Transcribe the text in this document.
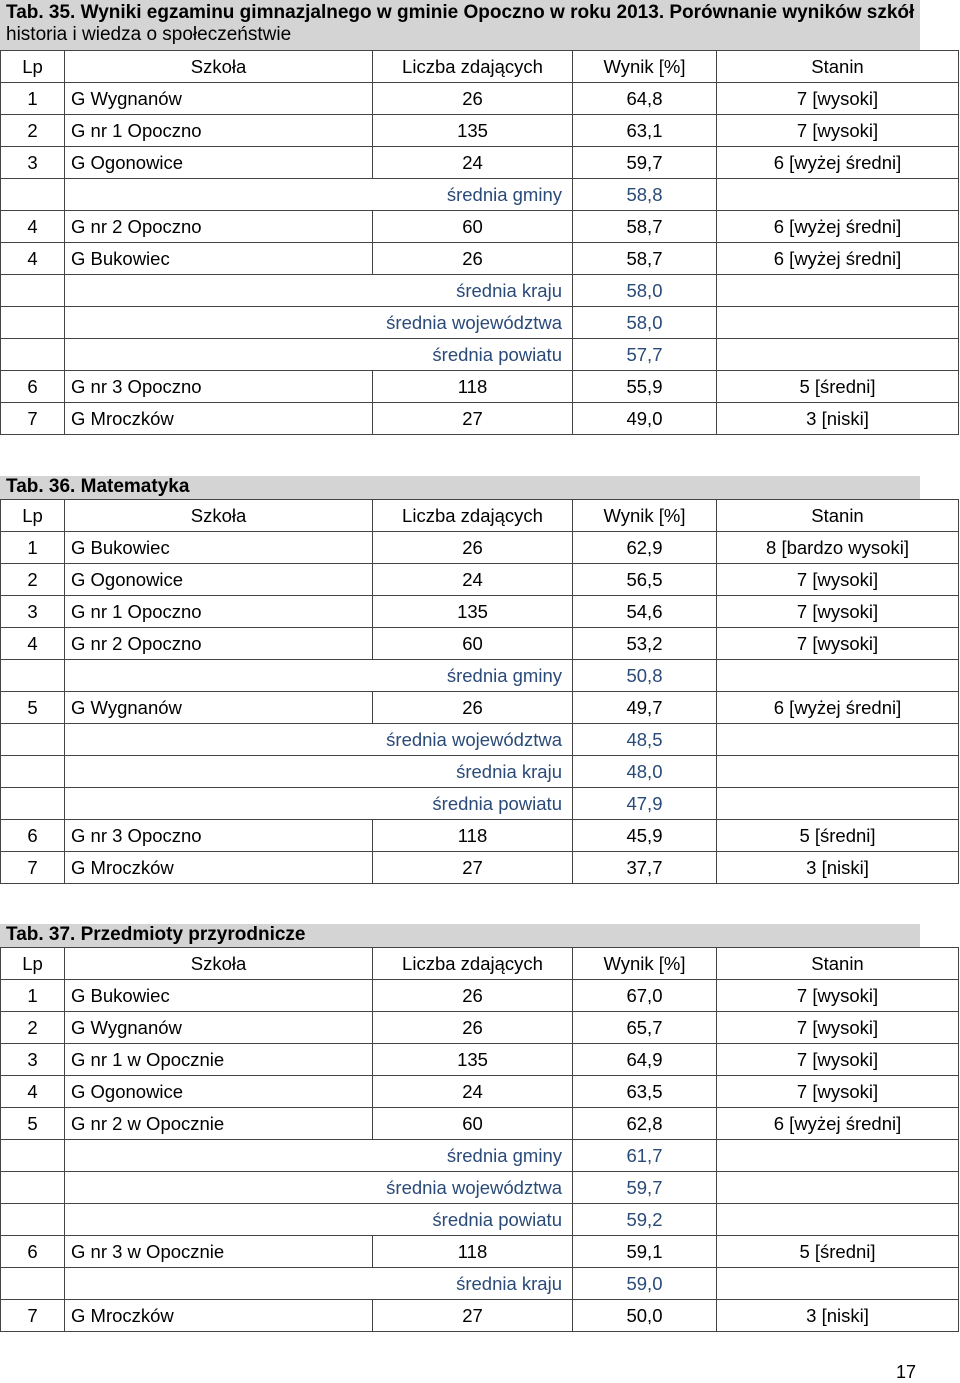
Tab. 35. Wyniki egzaminu gimnazjalnego w gminie Opoczno w roku 2013. Porównanie wyników szkół
historia i wiedza o społeczeństwie
Lp	Szkoła	Liczba zdających	Wynik [%]	Stanin
1	G Wygnanów	26	64,8	7 [wysoki]
2	G nr 1 Opoczno	135	63,1	7 [wysoki]
3	G Ogonowice	24	59,7	6 [wyżej średni]
	średnia gminy		58,8	
4	G nr 2 Opoczno	60	58,7	6 [wyżej średni]
4	G Bukowiec	26	58,7	6 [wyżej średni]
	średnia kraju		58,0	
	średnia województwa		58,0	
	średnia powiatu		57,7	
6	G nr 3 Opoczno	118	55,9	5 [średni]
7	G Mroczków	27	49,0	3 [niski]
Tab. 36. Matematyka
Lp	Szkoła	Liczba zdających	Wynik [%]	Stanin
1	G Bukowiec	26	62,9	8 [bardzo wysoki]
2	G Ogonowice	24	56,5	7 [wysoki]
3	G nr 1 Opoczno	135	54,6	7 [wysoki]
4	G nr 2 Opoczno	60	53,2	7 [wysoki]
	średnia gminy		50,8	
5	G Wygnanów	26	49,7	6 [wyżej średni]
	średnia województwa		48,5	
	średnia kraju		48,0	
	średnia powiatu		47,9	
6	G nr 3 Opoczno	118	45,9	5 [średni]
7	G Mroczków	27	37,7	3 [niski]
Tab. 37. Przedmioty przyrodnicze
Lp	Szkoła	Liczba zdających	Wynik [%]	Stanin
1	G Bukowiec	26	67,0	7 [wysoki]
2	G Wygnanów	26	65,7	7 [wysoki]
3	G nr 1 w Opocznie	135	64,9	7 [wysoki]
4	G Ogonowice	24	63,5	7 [wysoki]
5	G nr 2 w Opocznie	60	62,8	6 [wyżej średni]
	średnia gminy		61,7	
	średnia województwa		59,7	
	średnia powiatu		59,2	
6	G nr 3 w Opocznie	118	59,1	5 [średni]
	średnia kraju		59,0	
7	G Mroczków	27	50,0	3 [niski]
17
